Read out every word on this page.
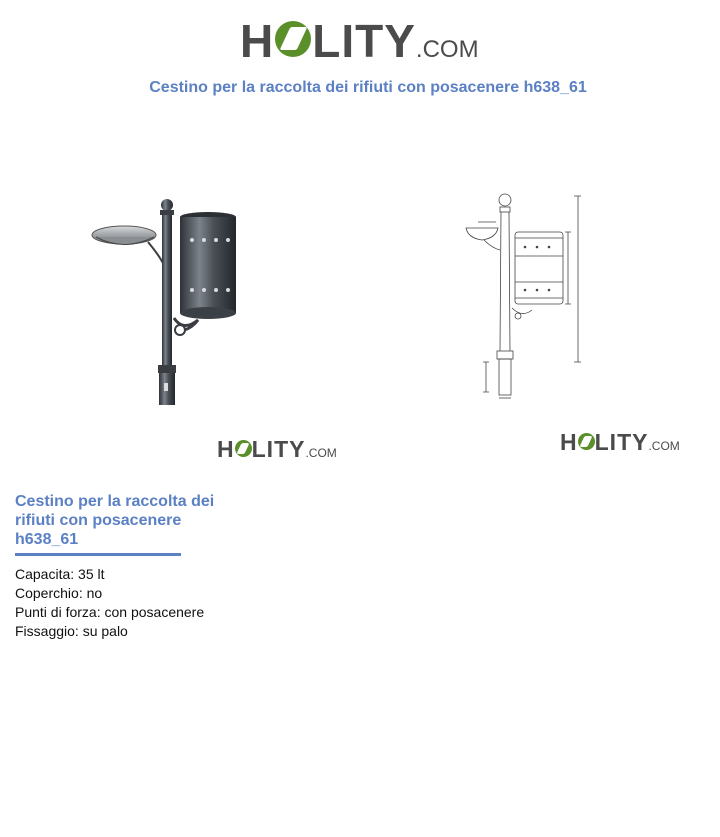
H LITY .COM
Cestino per la raccolta dei rifiuti con posacenere h638_61
H LITY .COM	H LITY .COM
Cestino per la raccolta dei rifiuti con posacenere h638_61
Capacita: 35 lt
Coperchio: no
Punti di forza: con posacenere
Fissaggio: su palo
